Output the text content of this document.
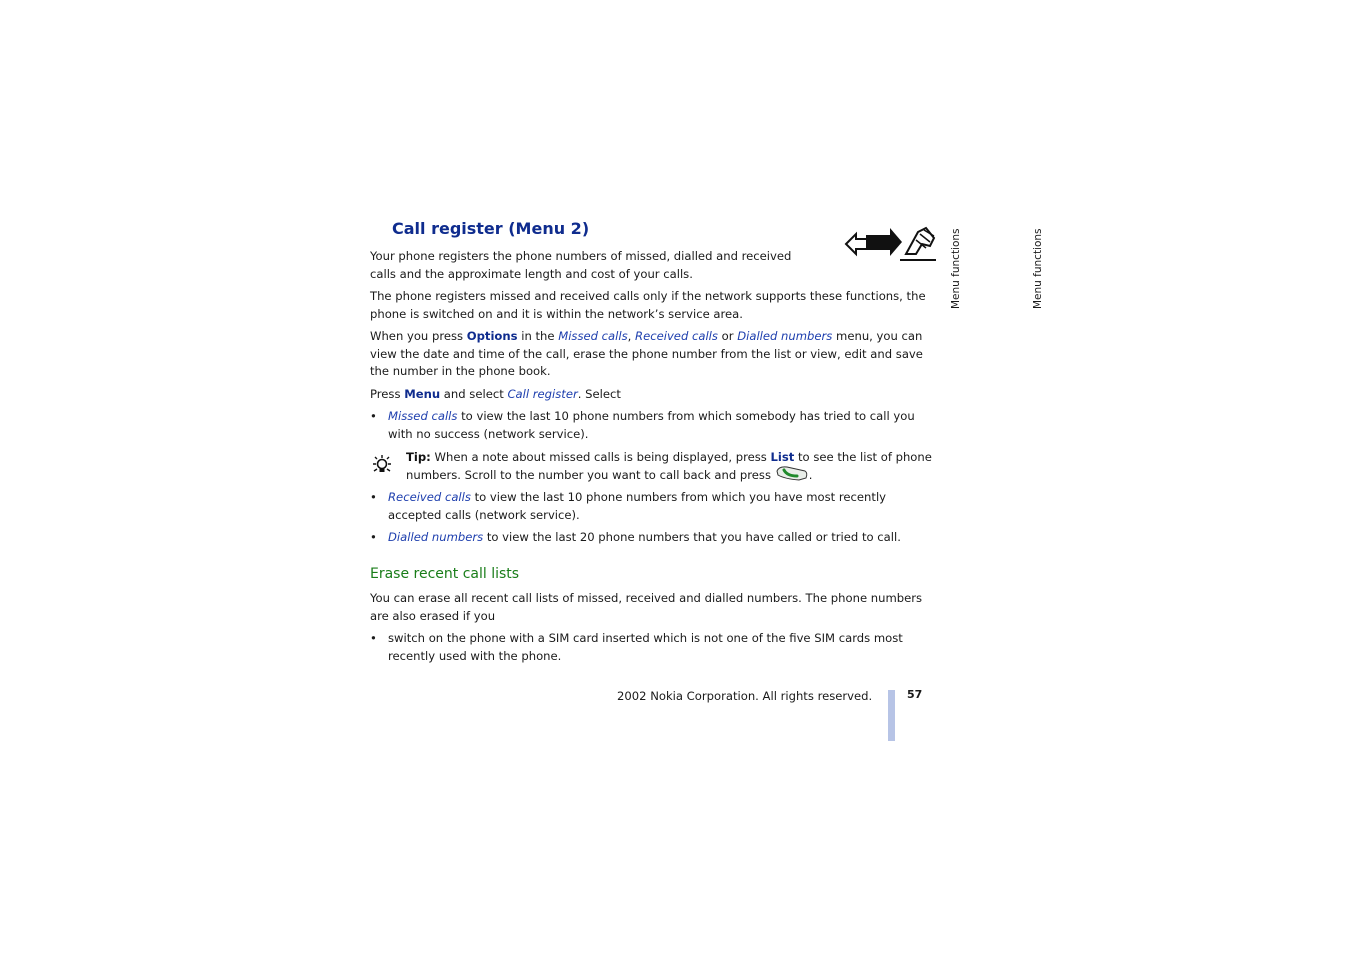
Menu functions	Menu functions
Call register (Menu 2)

Your phone registers the phone numbers of missed, dialled and received calls and the approximate length and cost of your calls.

The phone registers missed and received calls only if the network supports these functions, the phone is switched on and it is within the network’s service area.

When you press Options in the Missed calls, Received calls or Dialled numbers menu, you can view the date and time of the call, erase the phone number from the list or view, edit and save the number in the phone book.

Press Menu and select Call register. Select

• Missed calls to view the last 10 phone numbers from which somebody has tried to call you with no success (network service).
Tip: When a note about missed calls is being displayed, press List to see the list of phone numbers. Scroll to the number you want to call back and press	.
• Received calls to view the last 10 phone numbers from which you have most recently accepted calls (network service).
• Dialled numbers to view the last 20 phone numbers that you have called or tried to call.
Erase recent call lists

You can erase all recent call lists of missed, received and dialled numbers. The phone numbers are also erased if you

• switch on the phone with a SIM card inserted which is not one of the five SIM cards most recently used with the phone.
2002 Nokia Corporation. All rights reserved.	57
